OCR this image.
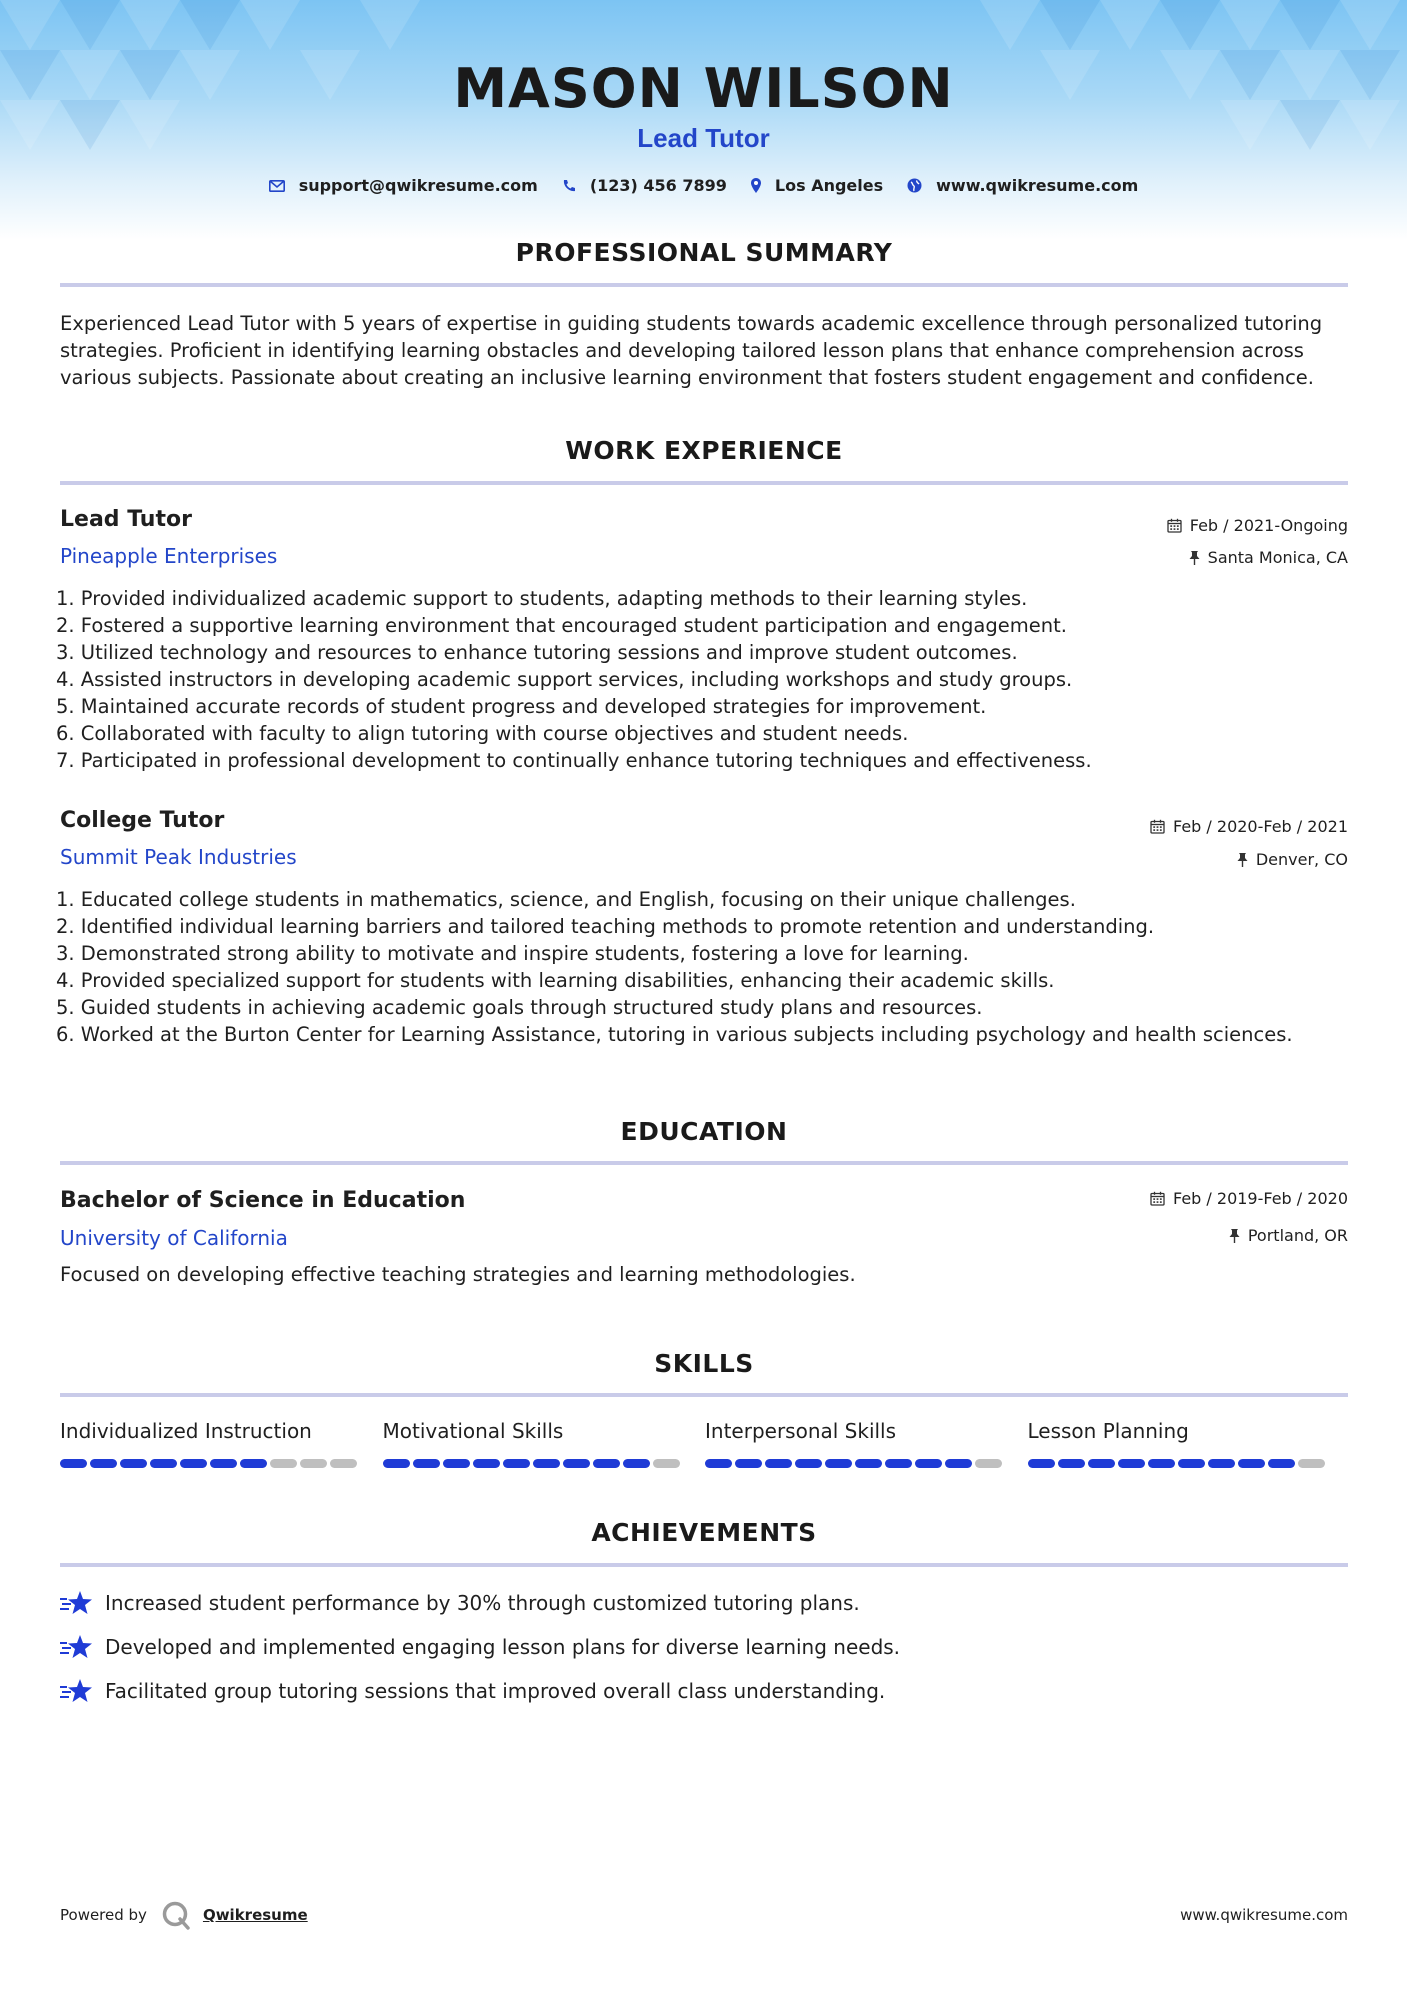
MASON WILSON
Lead Tutor
support@qwikresume.com	(123) 456 7899	Los Angeles	www.qwikresume.com
PROFESSIONAL SUMMARY
Experienced Lead Tutor with 5 years of expertise in guiding students towards academic excellence through personalized tutoring strategies. Proficient in identifying learning obstacles and developing tailored lesson plans that enhance comprehension across various subjects. Passionate about creating an inclusive learning environment that fosters student engagement and confidence.
WORK EXPERIENCE
Lead Tutor	Feb / 2021-Ongoing
Pineapple Enterprises	Santa Monica, CA
1. Provided individualized academic support to students, adapting methods to their learning styles.
2. Fostered a supportive learning environment that encouraged student participation and engagement.
3. Utilized technology and resources to enhance tutoring sessions and improve student outcomes.
4. Assisted instructors in developing academic support services, including workshops and study groups.
5. Maintained accurate records of student progress and developed strategies for improvement.
6. Collaborated with faculty to align tutoring with course objectives and student needs.
7. Participated in professional development to continually enhance tutoring techniques and effectiveness.
College Tutor	Feb / 2020-Feb / 2021
Summit Peak Industries	Denver, CO
1. Educated college students in mathematics, science, and English, focusing on their unique challenges.
2. Identified individual learning barriers and tailored teaching methods to promote retention and understanding.
3. Demonstrated strong ability to motivate and inspire students, fostering a love for learning.
4. Provided specialized support for students with learning disabilities, enhancing their academic skills.
5. Guided students in achieving academic goals through structured study plans and resources.
6. Worked at the Burton Center for Learning Assistance, tutoring in various subjects including psychology and health sciences.
EDUCATION
Bachelor of Science in Education	Feb / 2019-Feb / 2020
University of California	Portland, OR
Focused on developing effective teaching strategies and learning methodologies.
SKILLS
Individualized Instruction	Motivational Skills	Interpersonal Skills	Lesson Planning
ACHIEVEMENTS
Increased student performance by 30% through customized tutoring plans.
Developed and implemented engaging lesson plans for diverse learning needs.
Facilitated group tutoring sessions that improved overall class understanding.
Powered by	Qwikresume	www.qwikresume.com
